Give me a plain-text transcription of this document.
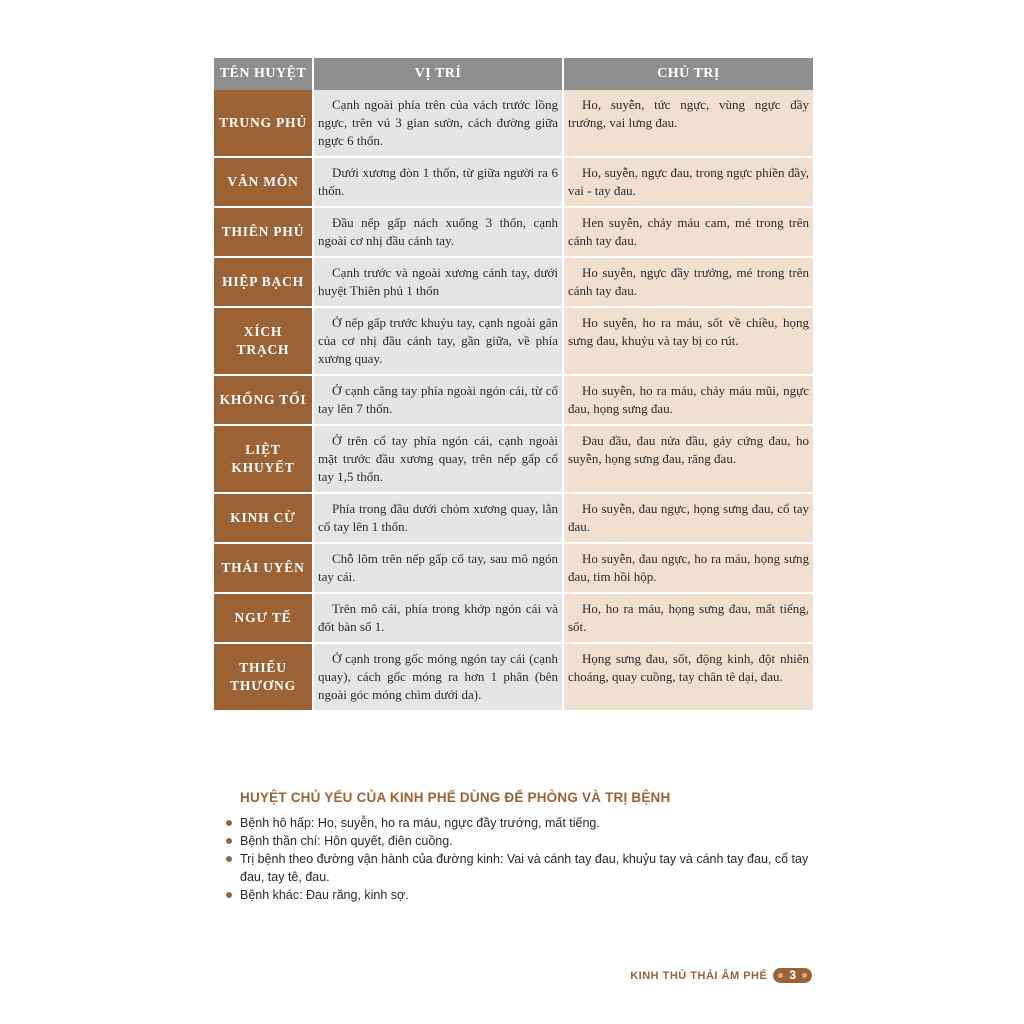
TÊN HUYỆT	VỊ TRÍ	CHỦ TRỊ
TRUNG PHỦ	Cạnh ngoài phía trên của vách trước lồng ngực, trên vú 3 gian sườn, cách đường giữa ngực 6 thốn.	Ho, suyễn, tức ngực, vùng ngực đầy trướng, vai lưng đau.
VÂN MÔN	Dưới xương đòn 1 thốn, từ giữa người ra 6 thốn.	Ho, suyễn, ngực đau, trong ngực phiền đầy, vai - tay đau.
THIÊN PHỦ	Đầu nếp gấp nách xuống 3 thốn, cạnh ngoài cơ nhị đầu cánh tay.	Hen suyễn, chảy máu cam, mé trong trên cánh tay đau.
HIỆP BẠCH	Cạnh trước và ngoài xương cánh tay, dưới huyệt Thiên phủ 1 thốn	Ho suyễn, ngực đầy trướng, mé trong trên cánh tay đau.
XÍCH TRẠCH	Ở nếp gấp trước khuỷu tay, cạnh ngoài gân của cơ nhị đầu cánh tay, gần giữa, về phía xương quay.	Ho suyễn, ho ra máu, sốt về chiều, họng sưng đau, khuỷu và tay bị co rút.
KHỔNG TỐI	Ở cạnh cẳng tay phía ngoài ngón cái, từ cổ tay lên 7 thốn.	Ho suyễn, ho ra máu, chảy máu mũi, ngực đau, họng sưng đau.
LIỆT KHUYẾT	Ở trên cổ tay phía ngón cái, cạnh ngoài mặt trước đầu xương quay, trên nếp gấp cổ tay 1,5 thốn.	Đau đầu, đau nửa đầu, gáy cứng đau, ho suyễn, họng sưng đau, răng đau.
KINH CỪ	Phía trong đầu dưới chỏm xương quay, lằn cổ tay lên 1 thốn.	Ho suyễn, đau ngực, họng sưng đau, cổ tay đau.
THÁI UYÊN	Chỗ lõm trên nếp gấp cổ tay, sau mô ngón tay cái.	Ho suyễn, đau ngực, ho ra máu, họng sưng đau, tim hồi hộp.
NGƯ TẾ	Trên mô cái, phía trong khớp ngón cái và đốt bàn số 1.	Ho, ho ra máu, họng sưng đau, mất tiếng, sốt.
THIẾU THƯƠNG	Ở cạnh trong gốc móng ngón tay cái (cạnh quay), cách gốc móng ra hơn 1 phân (bên ngoài góc móng chìm dưới da).	Họng sưng đau, sốt, động kinh, đột nhiên choáng, quay cuồng, tay chân tê dại, đau.
HUYỆT CHỦ YẾU CỦA KINH PHẾ DÙNG ĐỂ PHÒNG VÀ TRỊ BỆNH
Bệnh hô hấp: Ho, suyễn, ho ra máu, ngực đầy trướng, mất tiếng.
Bệnh thần chí: Hôn quyết, điên cuồng.
Trị bệnh theo đường vận hành của đường kinh: Vai và cánh tay đau, khuỷu tay và cánh tay đau, cổ tay đau, tay tê, đau.
Bệnh khác: Đau răng, kinh sợ.
KINH THỦ THÁI ÂM PHẾ	3
